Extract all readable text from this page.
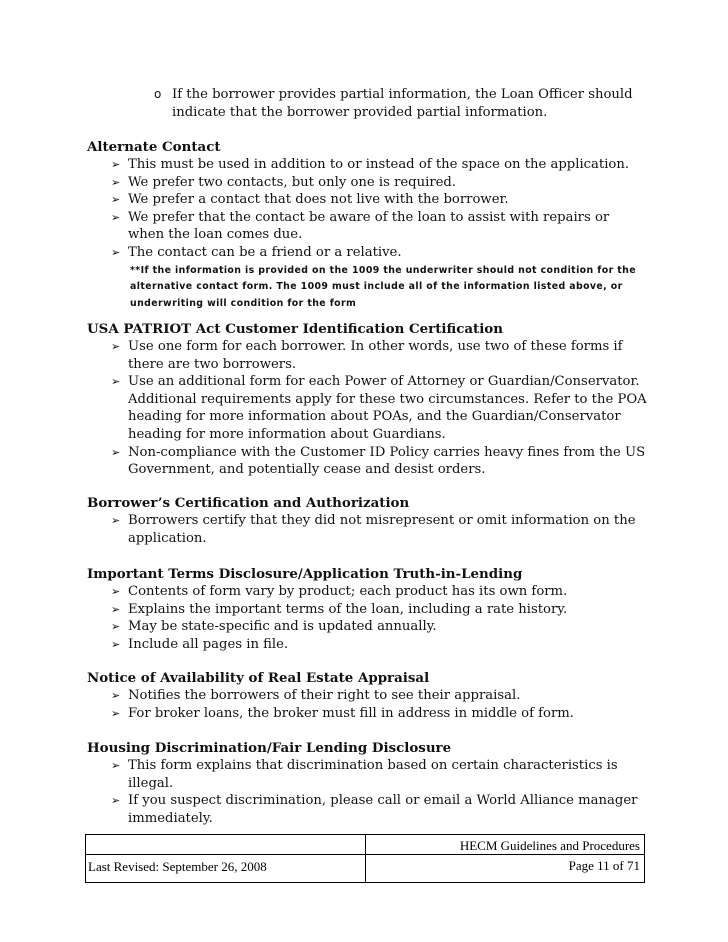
o If the borrower provides partial information, the Loan Officer should
indicate that the borrower provided partial information.
Alternate Contact
➢ This must be used in addition to or instead of the space on the application.
➢ We prefer two contacts, but only one is required.
➢ We prefer a contact that does not live with the borrower.
➢ We prefer that the contact be aware of the loan to assist with repairs or when the loan comes due.
➢ The contact can be a friend or a relative.
**If the information is provided on the 1009 the underwriter should not condition for the alternative contact form. The 1009 must include all of the information listed above, or underwriting will condition for the form
USA PATRIOT Act Customer Identification Certification
➢ Use one form for each borrower. In other words, use two of these forms if there are two borrowers.
➢ Use an additional form for each Power of Attorney or Guardian/Conservator. Additional requirements apply for these two circumstances. Refer to the POA heading for more information about POAs, and the Guardian/Conservator heading for more information about Guardians.
➢ Non-compliance with the Customer ID Policy carries heavy fines from the US Government, and potentially cease and desist orders.
Borrower’s Certification and Authorization
➢ Borrowers certify that they did not misrepresent or omit information on the application.
Important Terms Disclosure/Application Truth-in-Lending
➢ Contents of form vary by product; each product has its own form.
➢ Explains the important terms of the loan, including a rate history.
➢ May be state-specific and is updated annually.
➢ Include all pages in file.
Notice of Availability of Real Estate Appraisal
➢ Notifies the borrowers of their right to see their appraisal.
➢ For broker loans, the broker must fill in address in middle of form.
Housing Discrimination/Fair Lending Disclosure
➢ This form explains that discrimination based on certain characteristics is illegal.
➢ If you suspect discrimination, please call or email a World Alliance manager immediately.
HECM Guidelines and Procedures
Last Revised: September 26, 2008	Page 11 of 71
